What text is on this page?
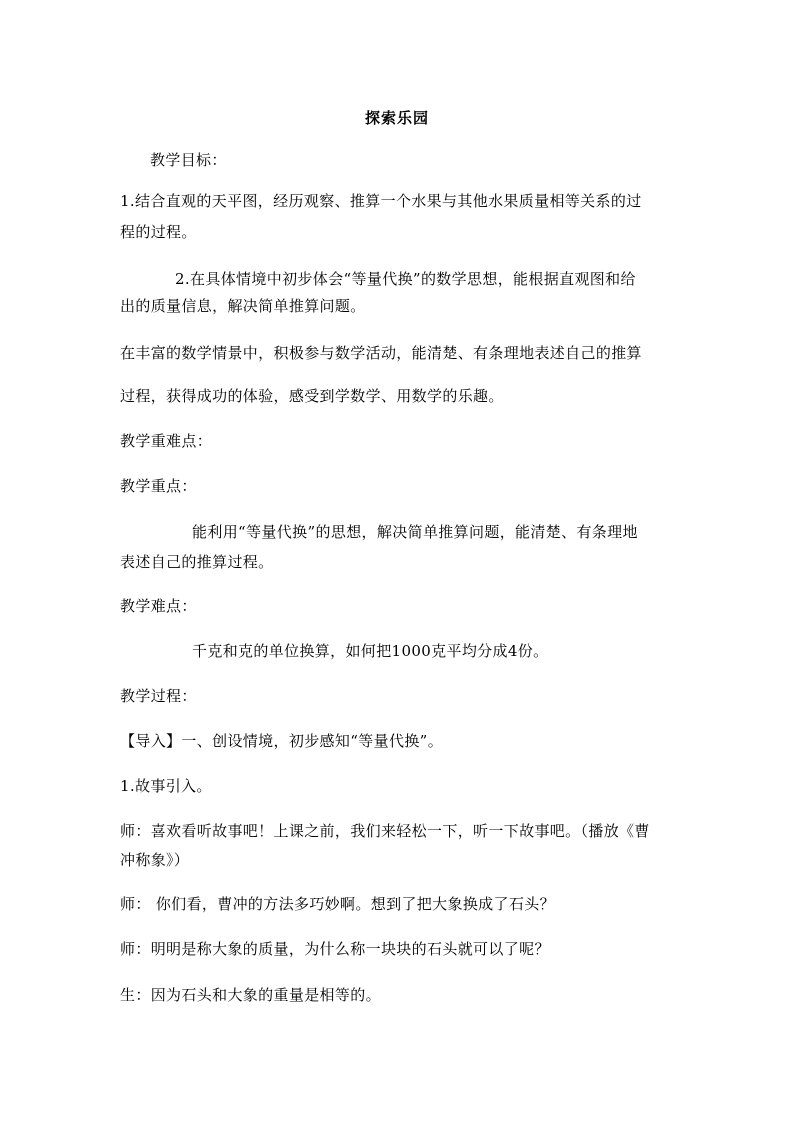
探索乐园
教学目标：
1.结合直观的天平图，经历观察、推算一个水果与其他水果质量相等关系的过
程的过程。
2.在具体情境中初步体会“等量代换”的数学思想，能根据直观图和给
出的质量信息，解决简单推算问题。
在丰富的数学情景中，积极参与数学活动，能清楚、有条理地表述自己的推算
过程，获得成功的体验，感受到学数学、用数学的乐趣。
教学重难点：
教学重点：
能利用“等量代换”的思想，解决简单推算问题，能清楚、有条理地
表述自己的推算过程。
教学难点：
千克和克的单位换算，如何把1000克平均分成4份。
教学过程：
【导入】一、创设情境，初步感知“等量代换”。
1.故事引入。
师：喜欢看听故事吧！上课之前，我们来轻松一下，听一下故事吧。（播放《曹
冲称象》）
师： 你们看，曹冲的方法多巧妙啊。想到了把大象换成了石头？
师：明明是称大象的质量，为什么称一块块的石头就可以了呢？
生：因为石头和大象的重量是相等的。
